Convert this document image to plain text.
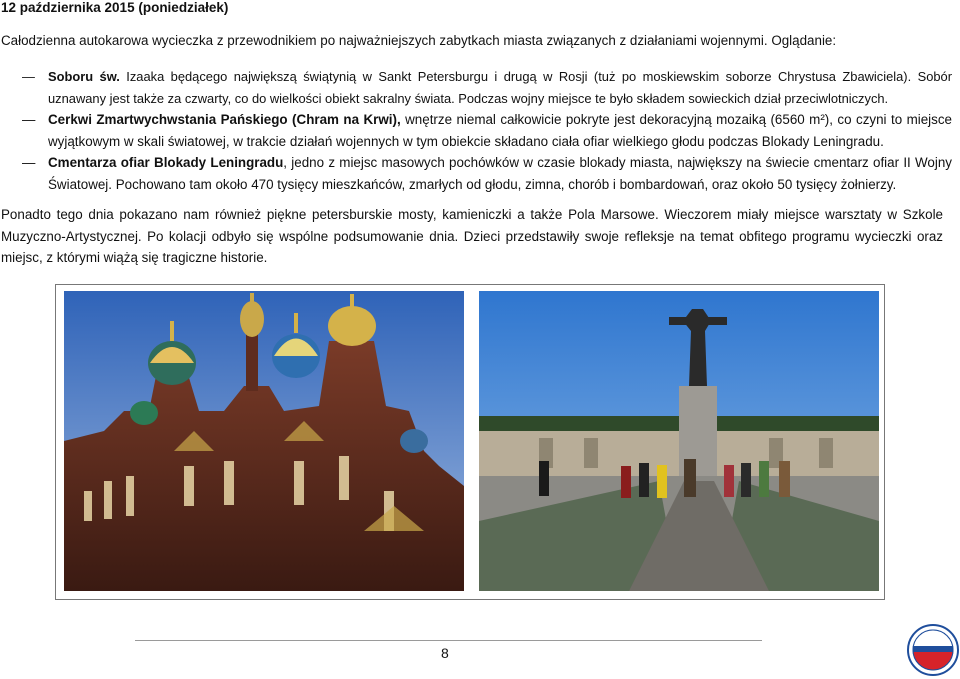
12 października 2015 (poniedziałek)
Całodzienna autokarowa wycieczka z przewodnikiem po najważniejszych zabytkach miasta związanych z działaniami wojennymi. Oglądanie:
— Soboru św. Izaaka będącego największą świątynią w Sankt Petersburgu i drugą w Rosji (tuż po moskiewskim soborze Chrystusa Zbawiciela). Sobór uznawany jest także za czwarty, co do wielkości obiekt sakralny świata. Podczas wojny miejsce te było składem sowieckich dział przeciwlotniczych.
— Cerkwi Zmartwychwstania Pańskiego (Chram na Krwi), wnętrze niemal całkowicie pokryte jest dekoracyjną mozaiką (6560 m²), co czyni to miejsce wyjątkowym w skali światowej, w trakcie działań wojennych w tym obiekcie składano ciała ofiar wielkiego głodu podczas Blokady Leningradu.
— Cmentarza ofiar Blokady Leningradu, jedno z miejsc masowych pochówków w czasie blokady miasta, największy na świecie cmentarz ofiar II Wojny Światowej. Pochowano tam około 470 tysięcy mieszkańców, zmarłych od głodu, zimna, chorób i bombardowań, oraz około 50 tysięcy żołnierzy.
Ponadto tego dnia pokazano nam również piękne petersburskie mosty, kamieniczki a także Pola Marsowe. Wieczorem miały miejsce warsztaty w Szkole Muzyczno-Artystycznej. Po kolacji odbyło się wspólne podsumowanie dnia. Dzieci przedstawiły swoje refleksje na temat obfitego programu wycieczki oraz miejsc, z którymi wiążą się tragiczne historie.
8
